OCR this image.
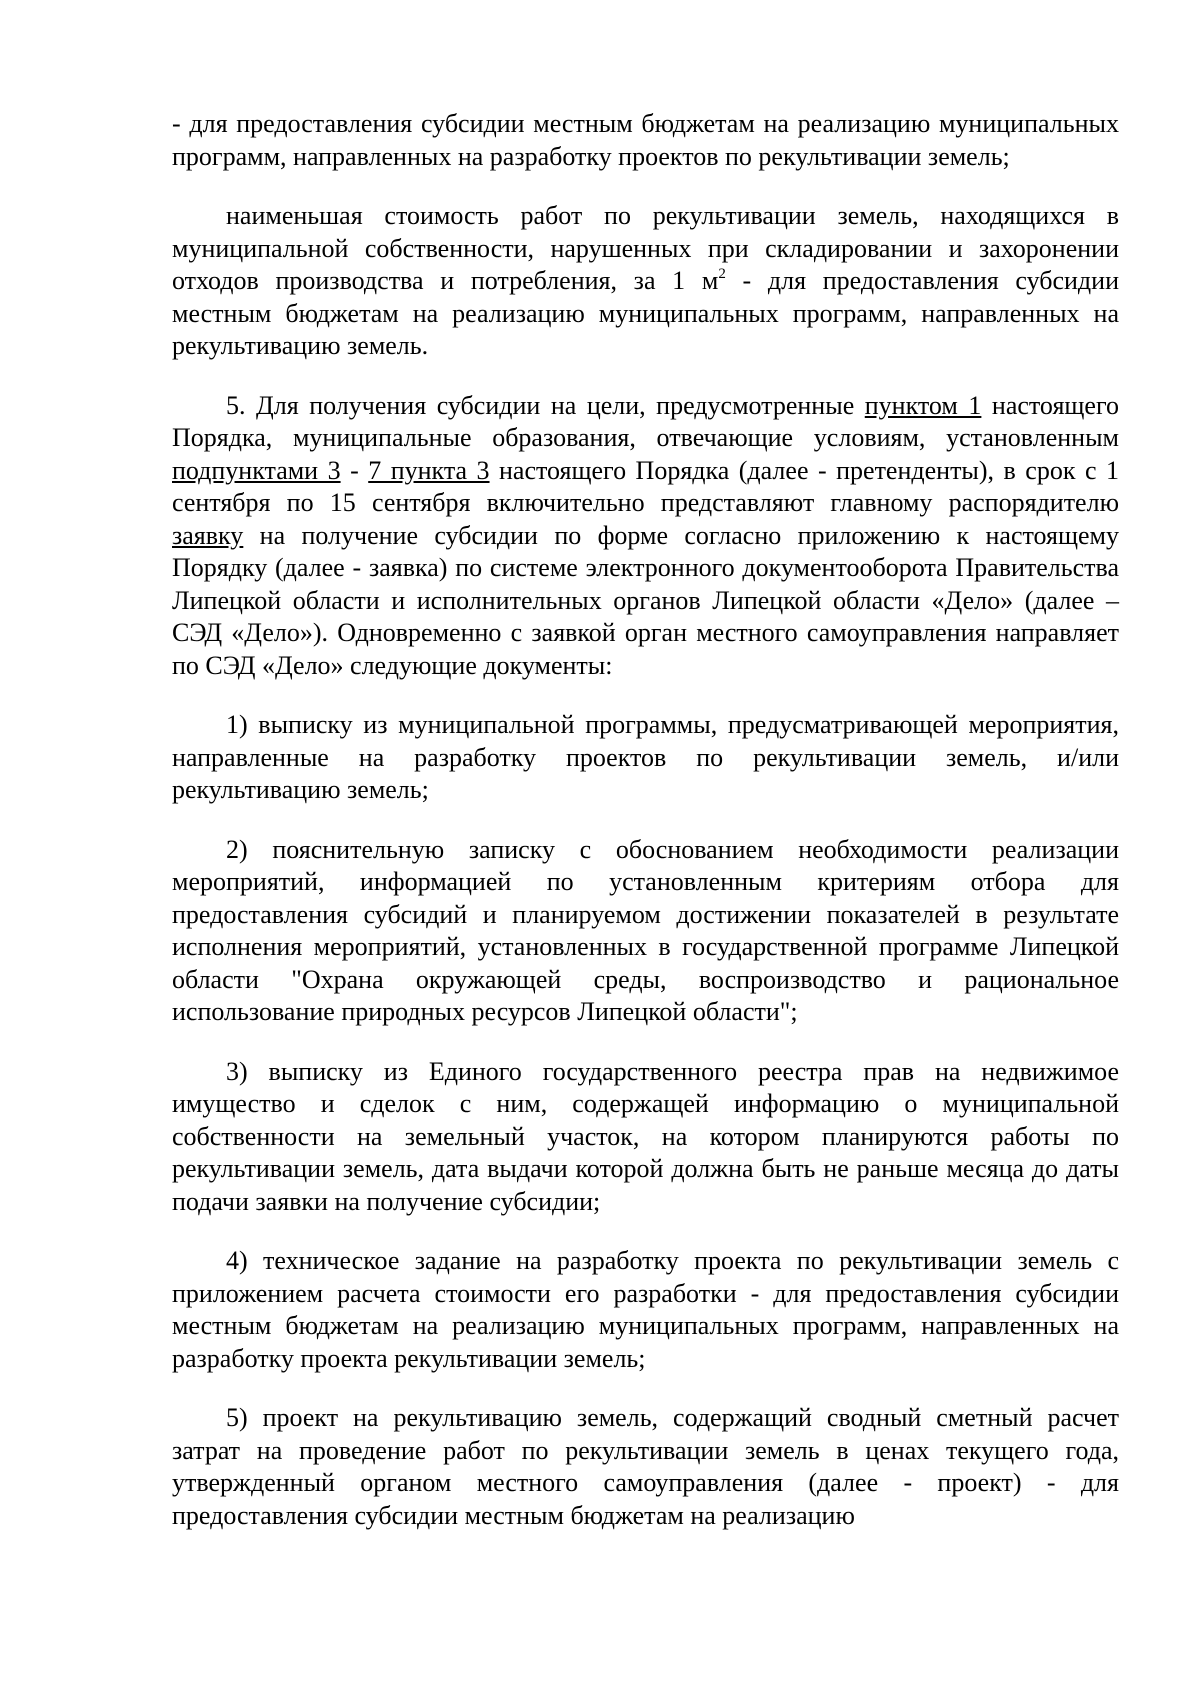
- для предоставления субсидии местным бюджетам на реализацию муниципальных программ, направленных на разработку проектов по рекультивации земель;

наименьшая стоимость работ по рекультивации земель, находящихся в муниципальной собственности, нарушенных при складировании и захоронении отходов производства и потребления, за 1 $м^2$ - для предоставления субсидии местным бюджетам на реализацию муниципальных программ, направленных на рекультивацию земель.

5. Для получения субсидии на цели, предусмотренные пунктом 1 настоящего Порядка, муниципальные образования, отвечающие условиям, установленным подпунктами 3 - 7 пункта 3 настоящего Порядка (далее - претенденты), в срок с 1 сентября по 15 сентября включительно представляют главному распорядителю заявку на получение субсидии по форме согласно приложению к настоящему Порядку (далее - заявка) по системе электронного документооборота Правительства Липецкой области и исполнительных органов Липецкой области «Дело» (далее – СЭД «Дело»). Одновременно с заявкой орган местного самоуправления направляет по СЭД «Дело» следующие документы:

1) выписку из муниципальной программы, предусматривающей мероприятия, направленные на разработку проектов по рекультивации земель, и/или рекультивацию земель;

2) пояснительную записку с обоснованием необходимости реализации мероприятий, информацией по установленным критериям отбора для предоставления субсидий и планируемом достижении показателей в результате исполнения мероприятий, установленных в государственной программе Липецкой области "Охрана окружающей среды, воспроизводство и рациональное использование природных ресурсов Липецкой области";

3) выписку из Единого государственного реестра прав на недвижимое имущество и сделок с ним, содержащей информацию о муниципальной собственности на земельный участок, на котором планируются работы по рекультивации земель, дата выдачи которой должна быть не раньше месяца до даты подачи заявки на получение субсидии;

4) техническое задание на разработку проекта по рекультивации земель с приложением расчета стоимости его разработки - для предоставления субсидии местным бюджетам на реализацию муниципальных программ, направленных на разработку проекта рекультивации земель;

5) проект на рекультивацию земель, содержащий сводный сметный расчет затрат на проведение работ по рекультивации земель в ценах текущего года, утвержденный органом местного самоуправления (далее - проект) - для предоставления субсидии местным бюджетам на реализацию
